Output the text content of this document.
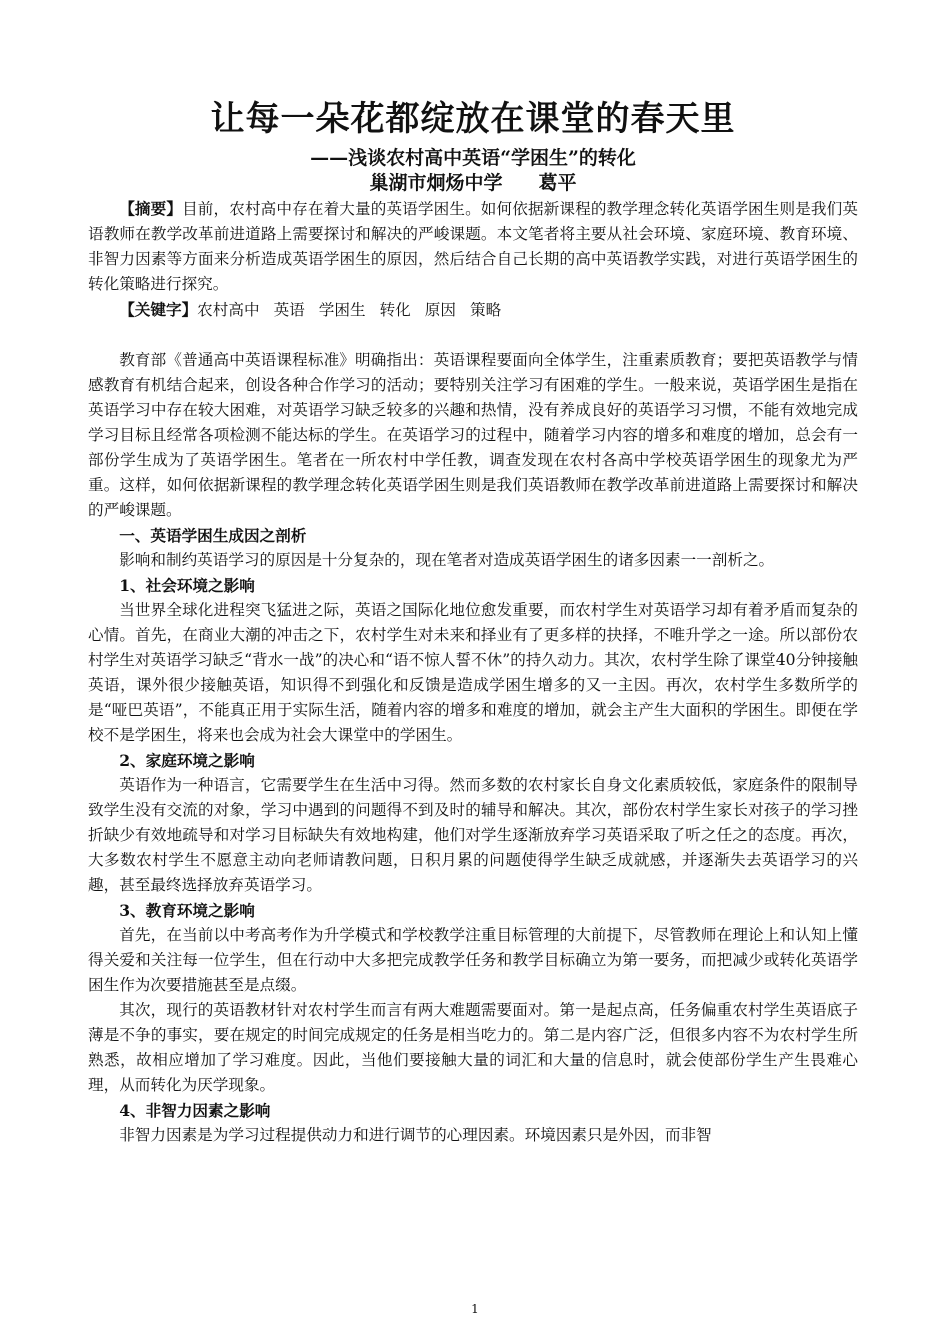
让每一朵花都绽放在课堂的春天里

——浅谈农村高中英语“学困生”的转化

巢湖市炯炀中学 葛平

【摘要】目前，农村高中存在着大量的英语学困生。如何依据新课程的教学理念转化英语学困生则是我们英语教师在教学改革前进道路上需要探讨和解决的严峻课题。本文笔者将主要从社会环境、家庭环境、教育环境、非智力因素等方面来分析造成英语学困生的原因，然后结合自己长期的高中英语教学实践，对进行英语学困生的转化策略进行探究。

【关键字】农村高中 英语 学困生 转化 原因 策略

教育部《普通高中英语课程标准》明确指出：英语课程要面向全体学生，注重素质教育；要把英语教学与情感教育有机结合起来，创设各种合作学习的活动；要特别关注学习有困难的学生。一般来说，英语学困生是指在英语学习中存在较大困难，对英语学习缺乏较多的兴趣和热情，没有养成良好的英语学习习惯，不能有效地完成学习目标且经常各项检测不能达标的学生。在英语学习的过程中，随着学习内容的增多和难度的增加，总会有一部份学生成为了英语学困生。笔者在一所农村中学任教，调查发现在农村各高中学校英语学困生的现象尤为严重。这样，如何依据新课程的教学理念转化英语学困生则是我们英语教师在教学改革前进道路上需要探讨和解决的严峻课题。

一、英语学困生成因之剖析

影响和制约英语学习的原因是十分复杂的，现在笔者对造成英语学困生的诸多因素一一剖析之。

1、社会环境之影响

当世界全球化进程突飞猛进之际，英语之国际化地位愈发重要，而农村学生对英语学习却有着矛盾而复杂的心情。首先，在商业大潮的冲击之下，农村学生对未来和择业有了更多样的抉择，不唯升学之一途。所以部份农村学生对英语学习缺乏“背水一战”的决心和“语不惊人誓不休”的持久动力。其次，农村学生除了课堂40分钟接触英语，课外很少接触英语，知识得不到强化和反馈是造成学困生增多的又一主因。再次，农村学生多数所学的是“哑巴英语”，不能真正用于实际生活，随着内容的增多和难度的增加，就会主产生大面积的学困生。即便在学校不是学困生，将来也会成为社会大课堂中的学困生。

2、家庭环境之影响

英语作为一种语言，它需要学生在生活中习得。然而多数的农村家长自身文化素质较低，家庭条件的限制导致学生没有交流的对象，学习中遇到的问题得不到及时的辅导和解决。其次，部份农村学生家长对孩子的学习挫折缺少有效地疏导和对学习目标缺失有效地构建，他们对学生逐渐放弃学习英语采取了听之任之的态度。再次，大多数农村学生不愿意主动向老师请教问题，日积月累的问题使得学生缺乏成就感，并逐渐失去英语学习的兴趣，甚至最终选择放弃英语学习。

3、教育环境之影响

首先，在当前以中考高考作为升学模式和学校教学注重目标管理的大前提下，尽管教师在理论上和认知上懂得关爱和关注每一位学生，但在行动中大多把完成教学任务和教学目标确立为第一要务，而把减少或转化英语学困生作为次要措施甚至是点缀。

其次，现行的英语教材针对农村学生而言有两大难题需要面对。第一是起点高，任务偏重农村学生英语底子薄是不争的事实，要在规定的时间完成规定的任务是相当吃力的。第二是内容广泛，但很多内容不为农村学生所熟悉，故相应增加了学习难度。因此，当他们要接触大量的词汇和大量的信息时，就会使部份学生产生畏难心理，从而转化为厌学现象。

4、非智力因素之影响

非智力因素是为学习过程提供动力和进行调节的心理因素。环境因素只是外因，而非智

1
